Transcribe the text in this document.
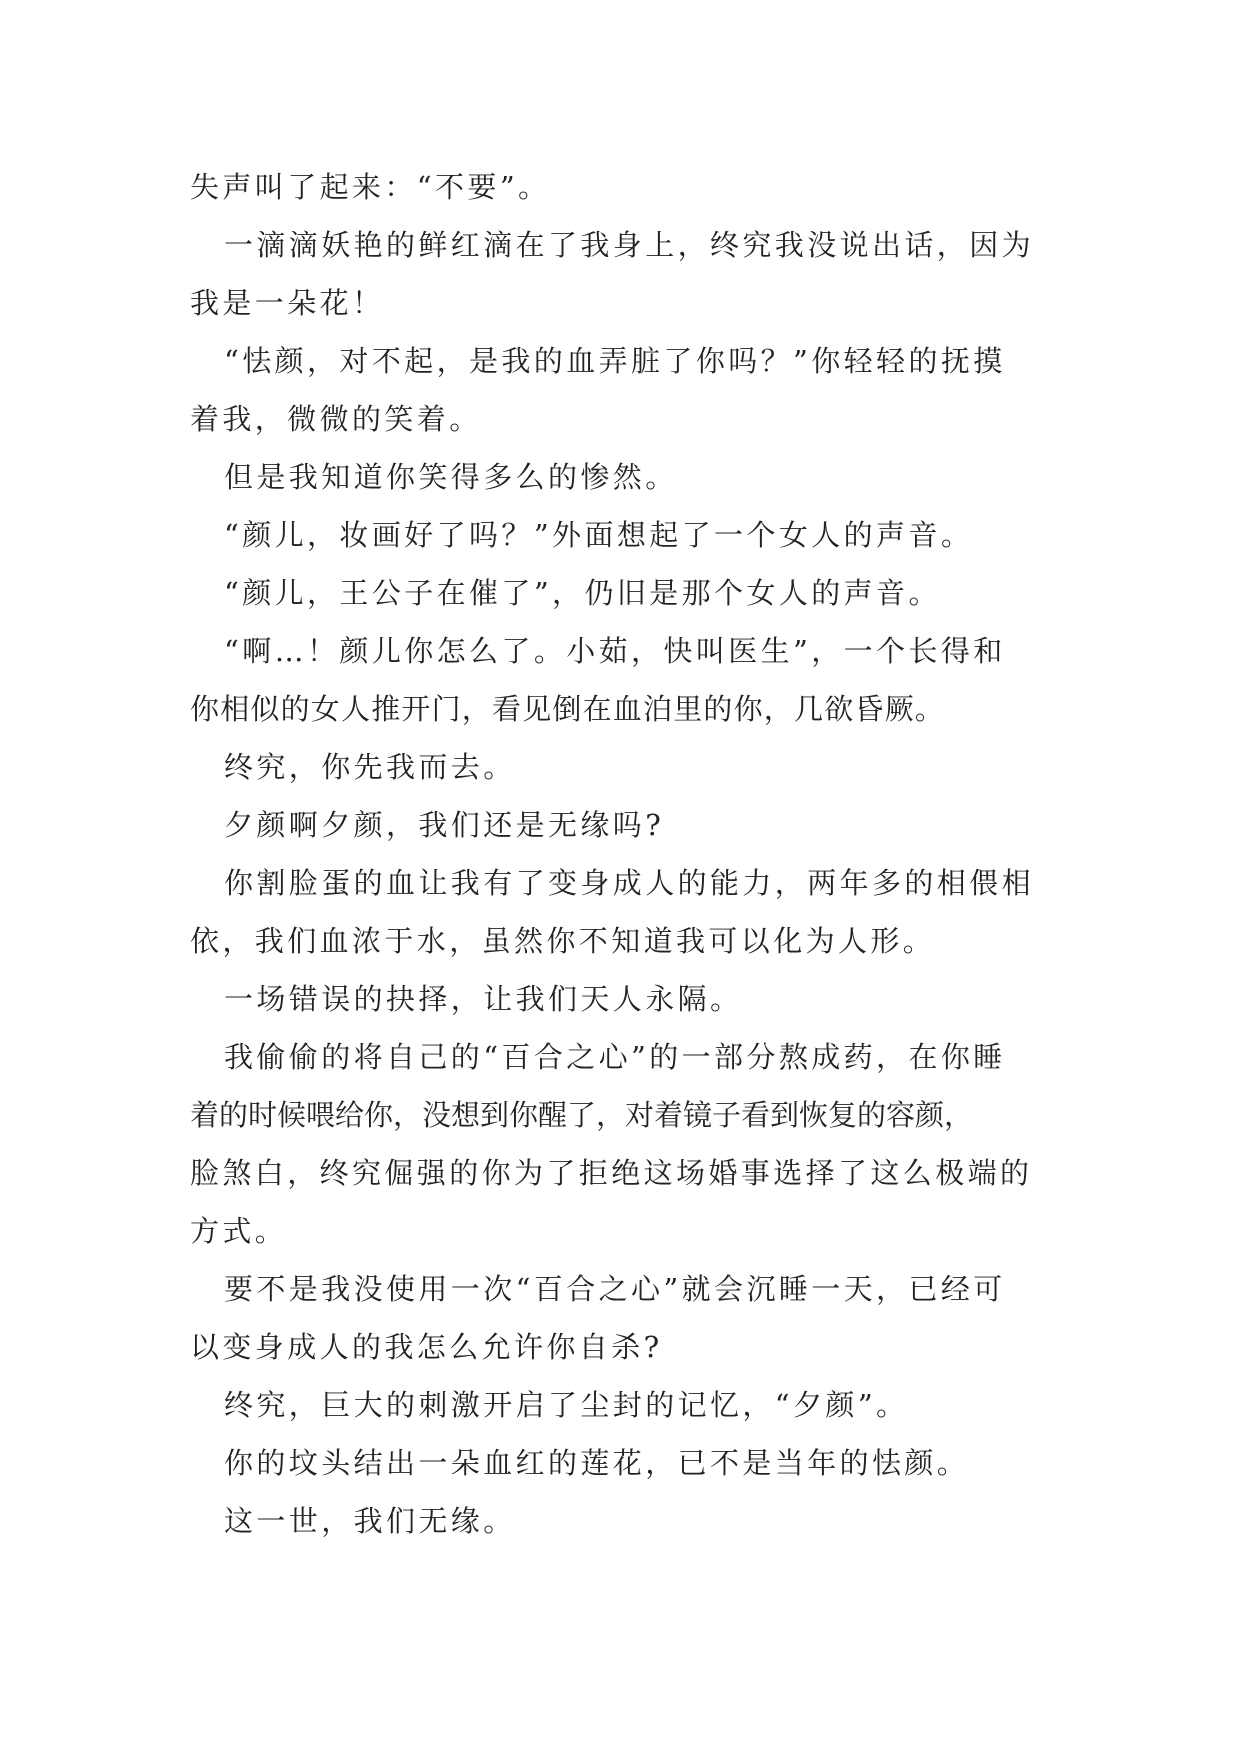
失声叫了起来：“不要”。

一滴滴妖艳的鲜红滴在了我身上，终究我没说出话，因为
我是一朵花！

“怯颜，对不起，是我的血弄脏了你吗？”你轻轻的抚摸
着我，微微的笑着。

但是我知道你笑得多么的惨然。

“颜儿，妆画好了吗？”外面想起了一个女人的声音。

“颜儿，王公子在催了”，仍旧是那个女人的声音。

“啊…！颜儿你怎么了。小茹，快叫医生”，一个长得和
你相似的女人推开门，看见倒在血泊里的你，几欲昏厥。

终究，你先我而去。

夕颜啊夕颜，我们还是无缘吗?

你割脸蛋的血让我有了变身成人的能力，两年多的相偎相
依，我们血浓于水，虽然你不知道我可以化为人形。

一场错误的抉择，让我们天人永隔。

我偷偷的将自己的“百合之心”的一部分熬成药，在你睡
着的时候喂给你，没想到你醒了，对着镜子看到恢复的容颜，
脸煞白，终究倔强的你为了拒绝这场婚事选择了这么极端的
方式。

要不是我没使用一次“百合之心”就会沉睡一天，已经可
以变身成人的我怎么允许你自杀?

终究，巨大的刺激开启了尘封的记忆，“夕颜”。

你的坟头结出一朵血红的莲花，已不是当年的怯颜。

这一世，我们无缘。
